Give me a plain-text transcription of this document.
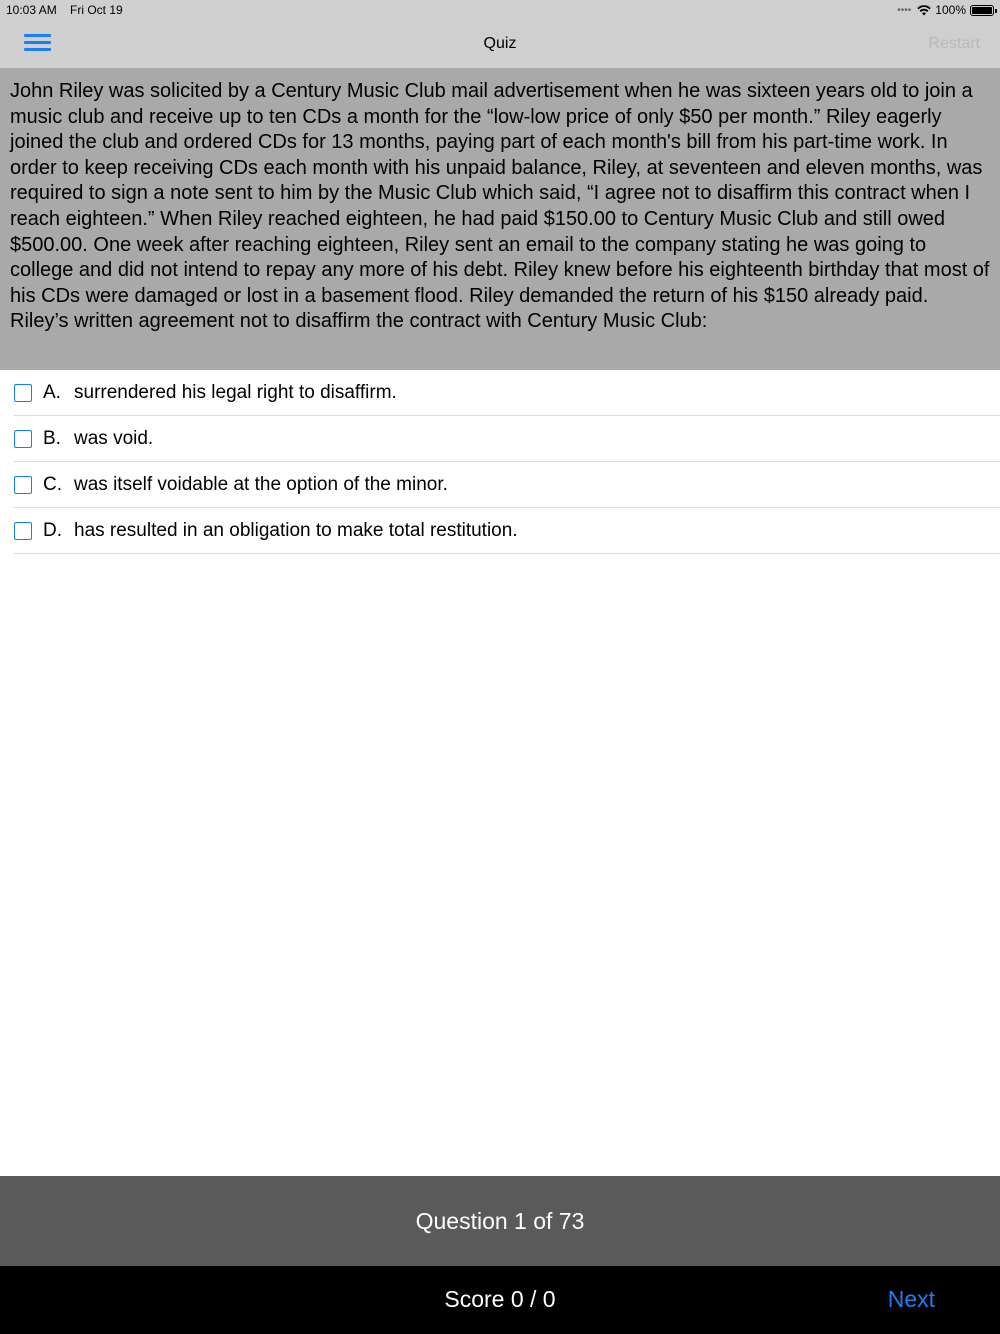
10:03 AM Fri Oct 19	•••• 100%
Quiz	Restart

John Riley was solicited by a Century Music Club mail advertisement when he was sixteen years old to join a music club and receive up to ten CDs a month for the “low-low price of only $50 per month.” Riley eagerly joined the club and ordered CDs for 13 months, paying part of each month's bill from his part-time work. In order to keep receiving CDs each month with his unpaid balance, Riley, at seventeen and eleven months, was required to sign a note sent to him by the Music Club which said, “I agree not to disaffirm this contract when I reach eighteen.” When Riley reached eighteen, he had paid $150.00 to Century Music Club and still owed $500.00. One week after reaching eighteen, Riley sent an email to the company stating he was going to college and did not intend to repay any more of his debt. Riley knew before his eighteenth birthday that most of his CDs were damaged or lost in a basement flood. Riley demanded the return of his $150 already paid. Riley’s written agreement not to disaffirm the contract with Century Music Club:

A. surrendered his legal right to disaffirm.
B. was void.
C. was itself voidable at the option of the minor.
D. has resulted in an obligation to make total restitution.
Question 1 of 73
Score 0 / 0	Next
